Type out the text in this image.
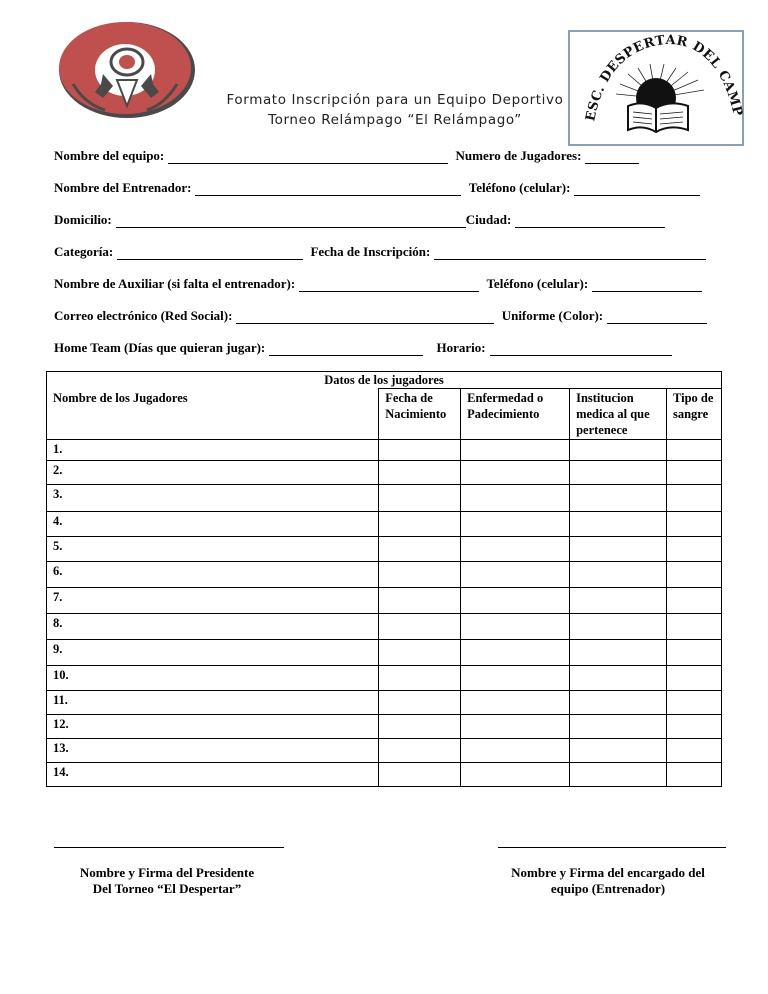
Formato Inscripción para un Equipo Deportivo
Torneo Relámpago “El Relámpago”	ESC. DESPERTAR DEL CAMP
Nombre del equipo:	Numero de Jugadores:
Nombre del Entrenador:	Teléfono (celular):
Domicilio:	Ciudad:
Categoría:	Fecha de Inscripción:
Nombre de Auxiliar (si falta el entrenador):	Teléfono (celular):
Correo electrónico (Red Social):	Uniforme (Color):
Home Team (Días que quieran jugar):	Horario:
Datos de los jugadores				
Nombre de los Jugadores	Fecha de Nacimiento	Enfermedad o Padecimiento	Institucion medica al que pertenece	Tipo de sangre
1.				
2.				
3.				
4.				
5.				
6.				
7.				
8.				
9.				
10.				
11.				
12.				
13.				
14.				
Nombre y Firma del Presidente
Del Torneo “El Despertar”
Nombre y Firma del encargado del
equipo (Entrenador)
